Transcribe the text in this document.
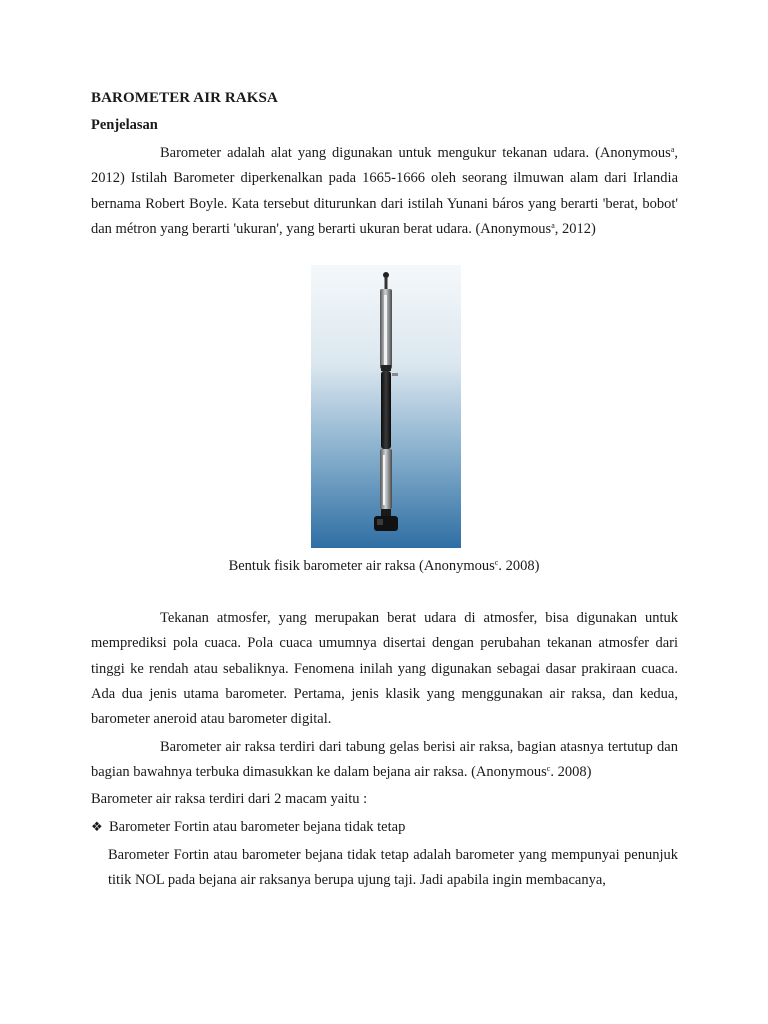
BAROMETER AIR RAKSA
Penjelasan
Barometer adalah alat yang digunakan untuk mengukur tekanan udara. (Anonymous$^a$, 2012) Istilah Barometer diperkenalkan pada 1665-1666 oleh seorang ilmuwan alam dari Irlandia bernama Robert Boyle. Kata tersebut diturunkan dari istilah Yunani báros yang berarti 'berat, bobot' dan métron yang berarti 'ukuran', yang berarti ukuran berat udara. (Anonymous$^a$, 2012)
Bentuk fisik barometer air raksa (Anonymous$^c$. 2008)
Tekanan atmosfer, yang merupakan berat udara di atmosfer, bisa digunakan untuk memprediksi pola cuaca. Pola cuaca umumnya disertai dengan perubahan tekanan atmosfer dari tinggi ke rendah atau sebaliknya. Fenomena inilah yang digunakan sebagai dasar prakiraan cuaca. Ada dua jenis utama barometer. Pertama, jenis klasik yang menggunakan air raksa, dan kedua, barometer aneroid atau barometer digital.
Barometer air raksa terdiri dari tabung gelas berisi air raksa, bagian atasnya tertutup dan bagian bawahnya terbuka dimasukkan ke dalam bejana air raksa. (Anonymous$^c$. 2008)
Barometer air raksa terdiri dari 2 macam yaitu :
❖ Barometer Fortin atau barometer bejana tidak tetap
Barometer Fortin atau barometer bejana tidak tetap adalah barometer yang mempunyai penunjuk titik NOL pada bejana air raksanya berupa ujung taji. Jadi apabila ingin membacanya,
